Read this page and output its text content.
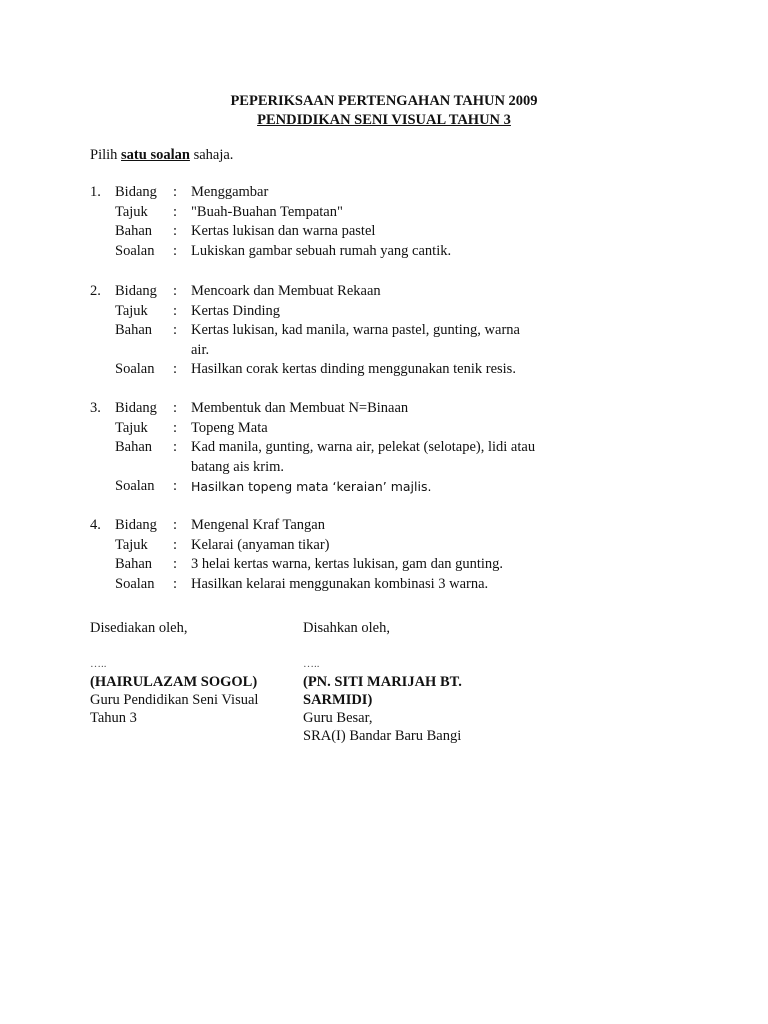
PEPERIKSAAN PERTENGAHAN TAHUN 2009
PENDIDIKAN SENI VISUAL TAHUN 3
Pilih satu soalan sahaja.
1. Bidang : Menggambar
Tajuk : "Buah-Buahan Tempatan"
Bahan : Kertas lukisan dan warna pastel
Soalan : Lukiskan gambar sebuah rumah yang cantik.
2. Bidang : Mencoark dan Membuat Rekaan
Tajuk : Kertas Dinding
Bahan : Kertas lukisan, kad manila, warna pastel, gunting, warna air.
Soalan : Hasilkan corak kertas dinding menggunakan tenik resis.
3. Bidang : Membentuk dan Membuat N=Binaan
Tajuk : Topeng Mata
Bahan : Kad manila, gunting, warna air, pelekat (selotape), lidi atau batang ais krim.
Soalan : Hasilkan topeng mata ‘keraian’ majlis.
4. Bidang : Mengenal Kraf Tangan
Tajuk : Kelarai (anyaman tikar)
Bahan : 3 helai kertas warna, kertas lukisan, gam dan gunting.
Soalan : Hasilkan kelarai menggunakan kombinasi 3 warna.
Disediakan oleh,
…..
(HAIRULAZAM SOGOL)
Guru Pendidikan Seni Visual
Tahun 3
Disahkan oleh,
…..
(PN. SITI MARIJAH BT. SARMIDI)
Guru Besar,
SRA(I) Bandar Baru Bangi
